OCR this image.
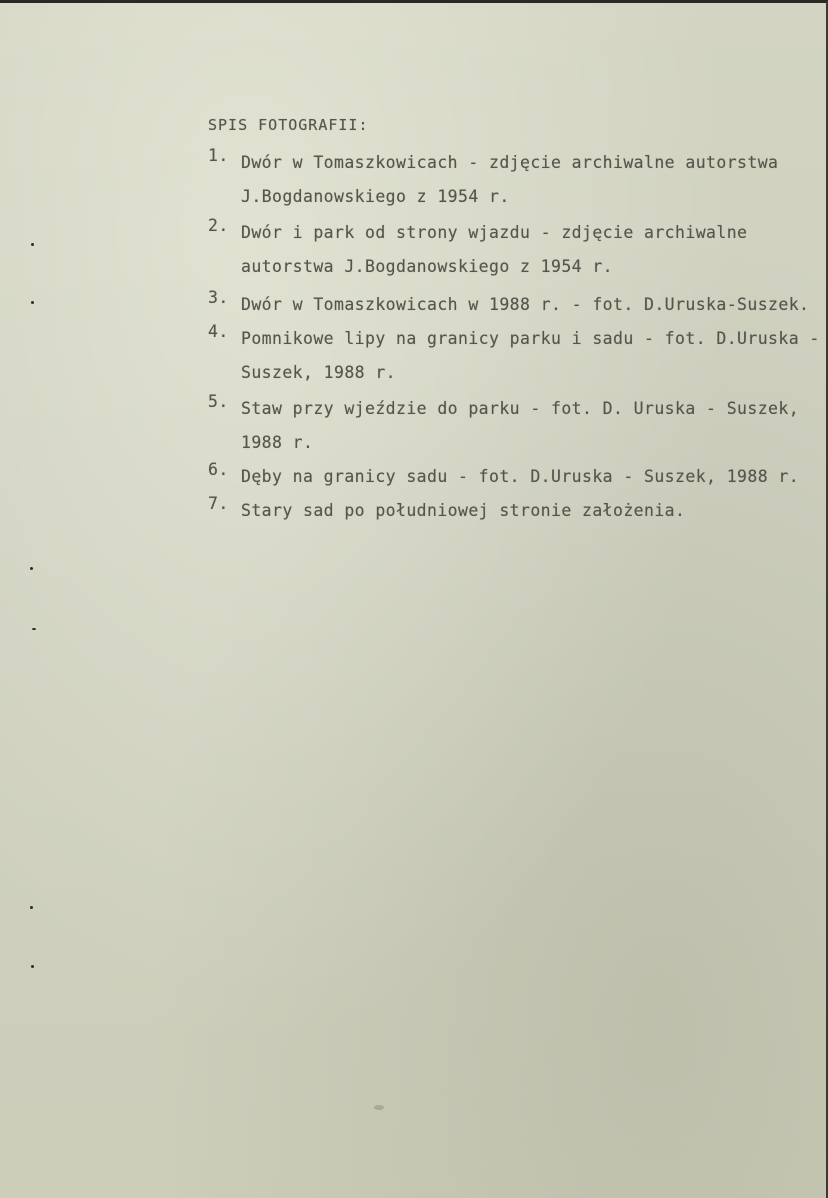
SPIS FOTOGRAFII:
1. Dwór w Tomaszkowicach - zdjęcie archiwalne autorstwa J.Bogdanowskiego z 1954 r.
2. Dwór i park od strony wjazdu - zdjęcie archiwalne autorstwa J.Bogdanowskiego z 1954 r.
3. Dwór w Tomaszkowicach w 1988 r. - fot. D.Uruska-Suszek.
4. Pomnikowe lipy na granicy parku i sadu - fot. D.Uruska - Suszek, 1988 r.
5. Staw przy wjeździe do parku - fot. D. Uruska - Suszek, 1988 r.
6. Dęby na granicy sadu - fot. D.Uruska - Suszek, 1988 r.
7. Stary sad po południowej stronie założenia.
